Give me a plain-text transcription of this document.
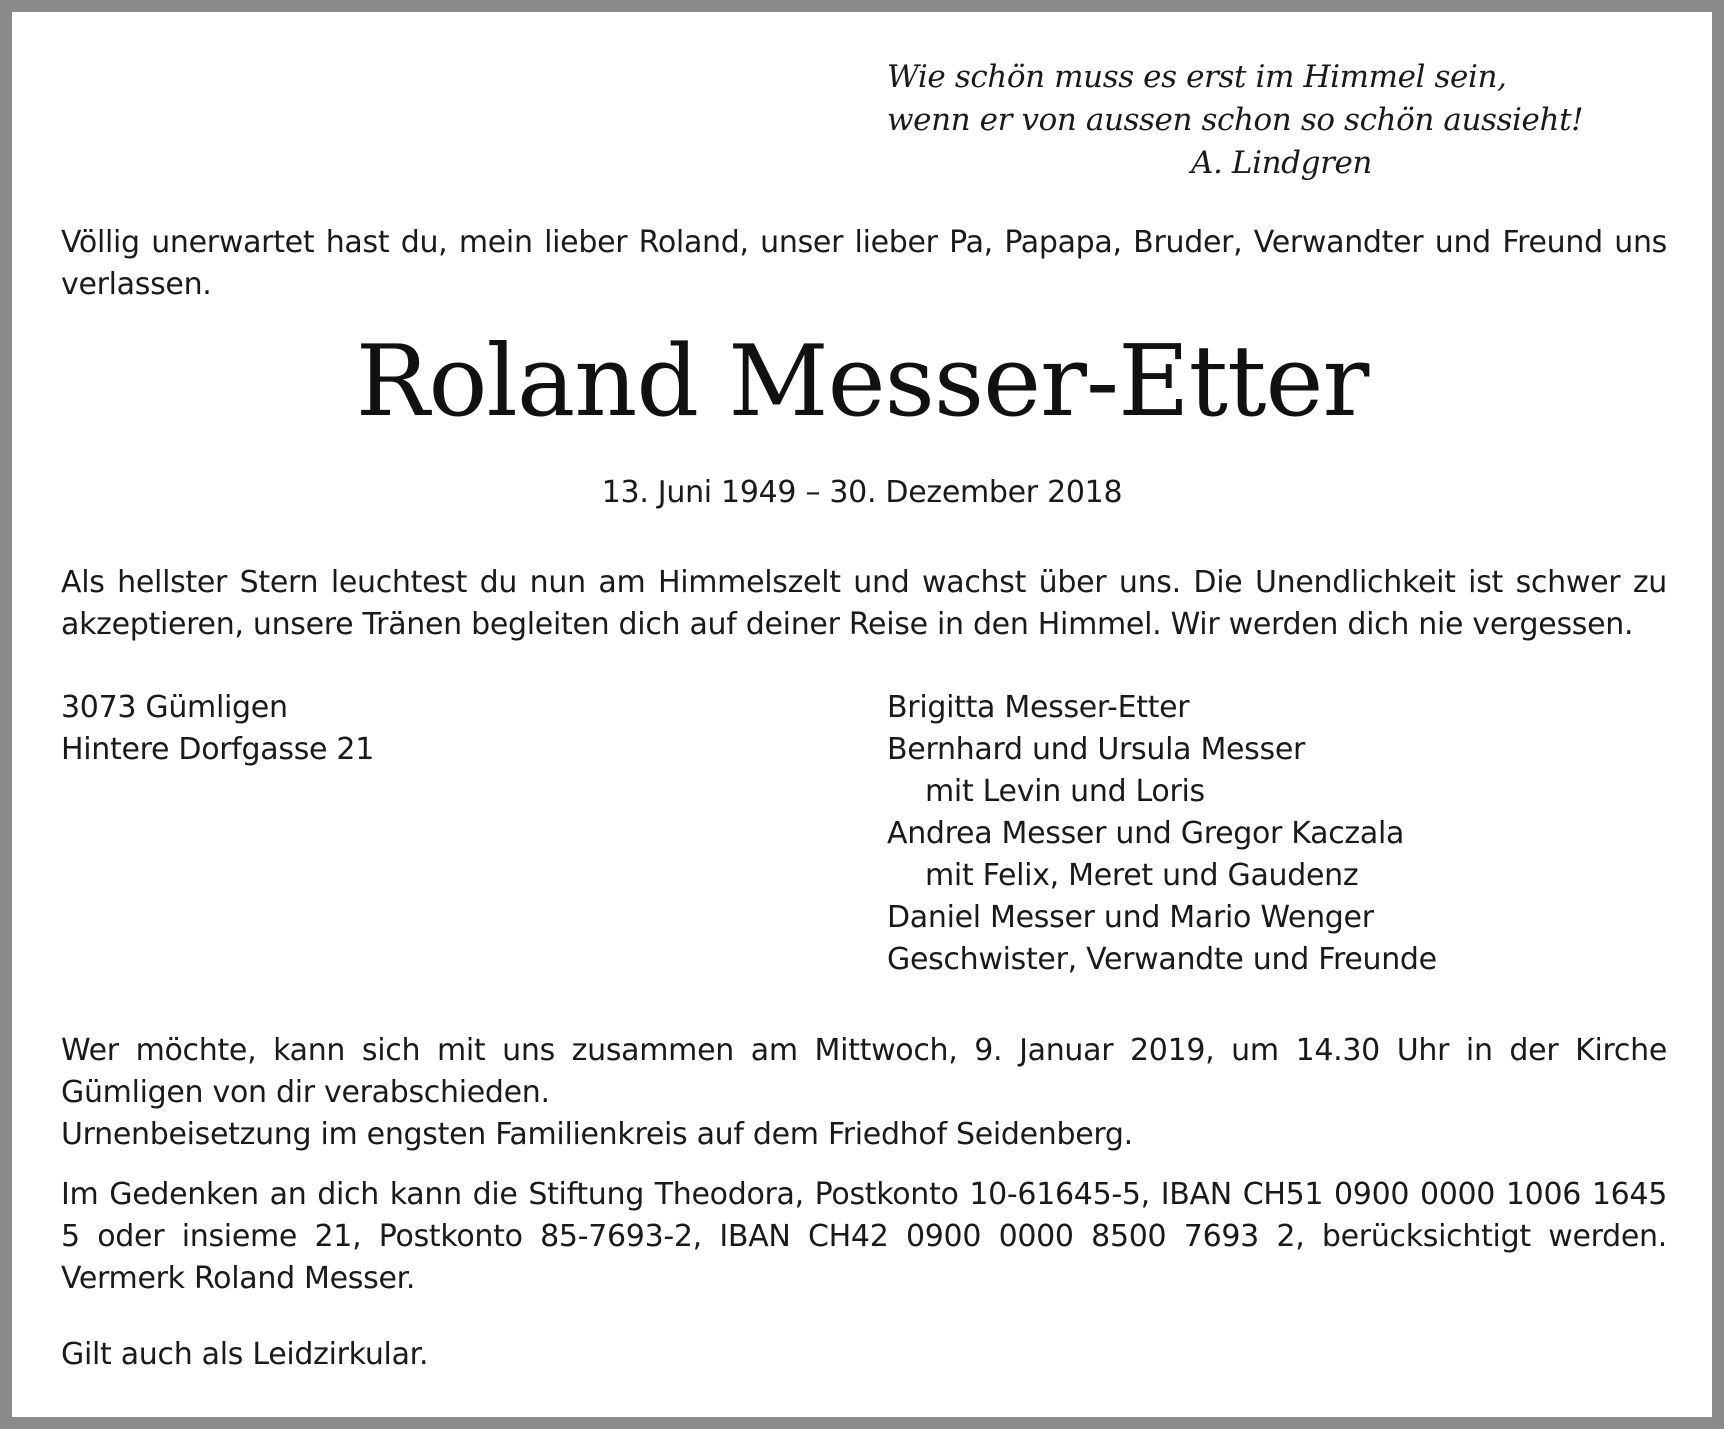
Wie schön muss es erst im Himmel sein,
wenn er von aussen schon so schön aussieht!
A. Lindgren
Völlig unerwartet hast du, mein lieber Roland, unser lieber Pa, Papapa, Bruder, Verwandter und Freund uns verlassen.
Roland Messer-Etter
13. Juni 1949 – 30. Dezember 2018
Als hellster Stern leuchtest du nun am Himmelszelt und wachst über uns. Die Unendlichkeit ist schwer zu akzeptieren, unsere Tränen begleiten dich auf deiner Reise in den Himmel. Wir werden dich nie vergessen.
3073 Gümligen
Hintere Dorfgasse 21
Brigitta Messer-Etter
Bernhard und Ursula Messer
mit Levin und Loris
Andrea Messer und Gregor Kaczala
mit Felix, Meret und Gaudenz
Daniel Messer und Mario Wenger
Geschwister, Verwandte und Freunde
Wer möchte, kann sich mit uns zusammen am Mittwoch, 9. Januar 2019, um 14.30 Uhr in der Kirche Gümligen von dir verabschieden.
Urnenbeisetzung im engsten Familienkreis auf dem Friedhof Seidenberg.
Im Gedenken an dich kann die Stiftung Theodora, Postkonto 10-61645-5, IBAN CH51 0900 0000 1006 1645 5 oder insieme 21, Postkonto 85-7693-2, IBAN CH42 0900 0000 8500 7693 2, berücksichtigt werden. Vermerk Roland Messer.
Gilt auch als Leidzirkular.
